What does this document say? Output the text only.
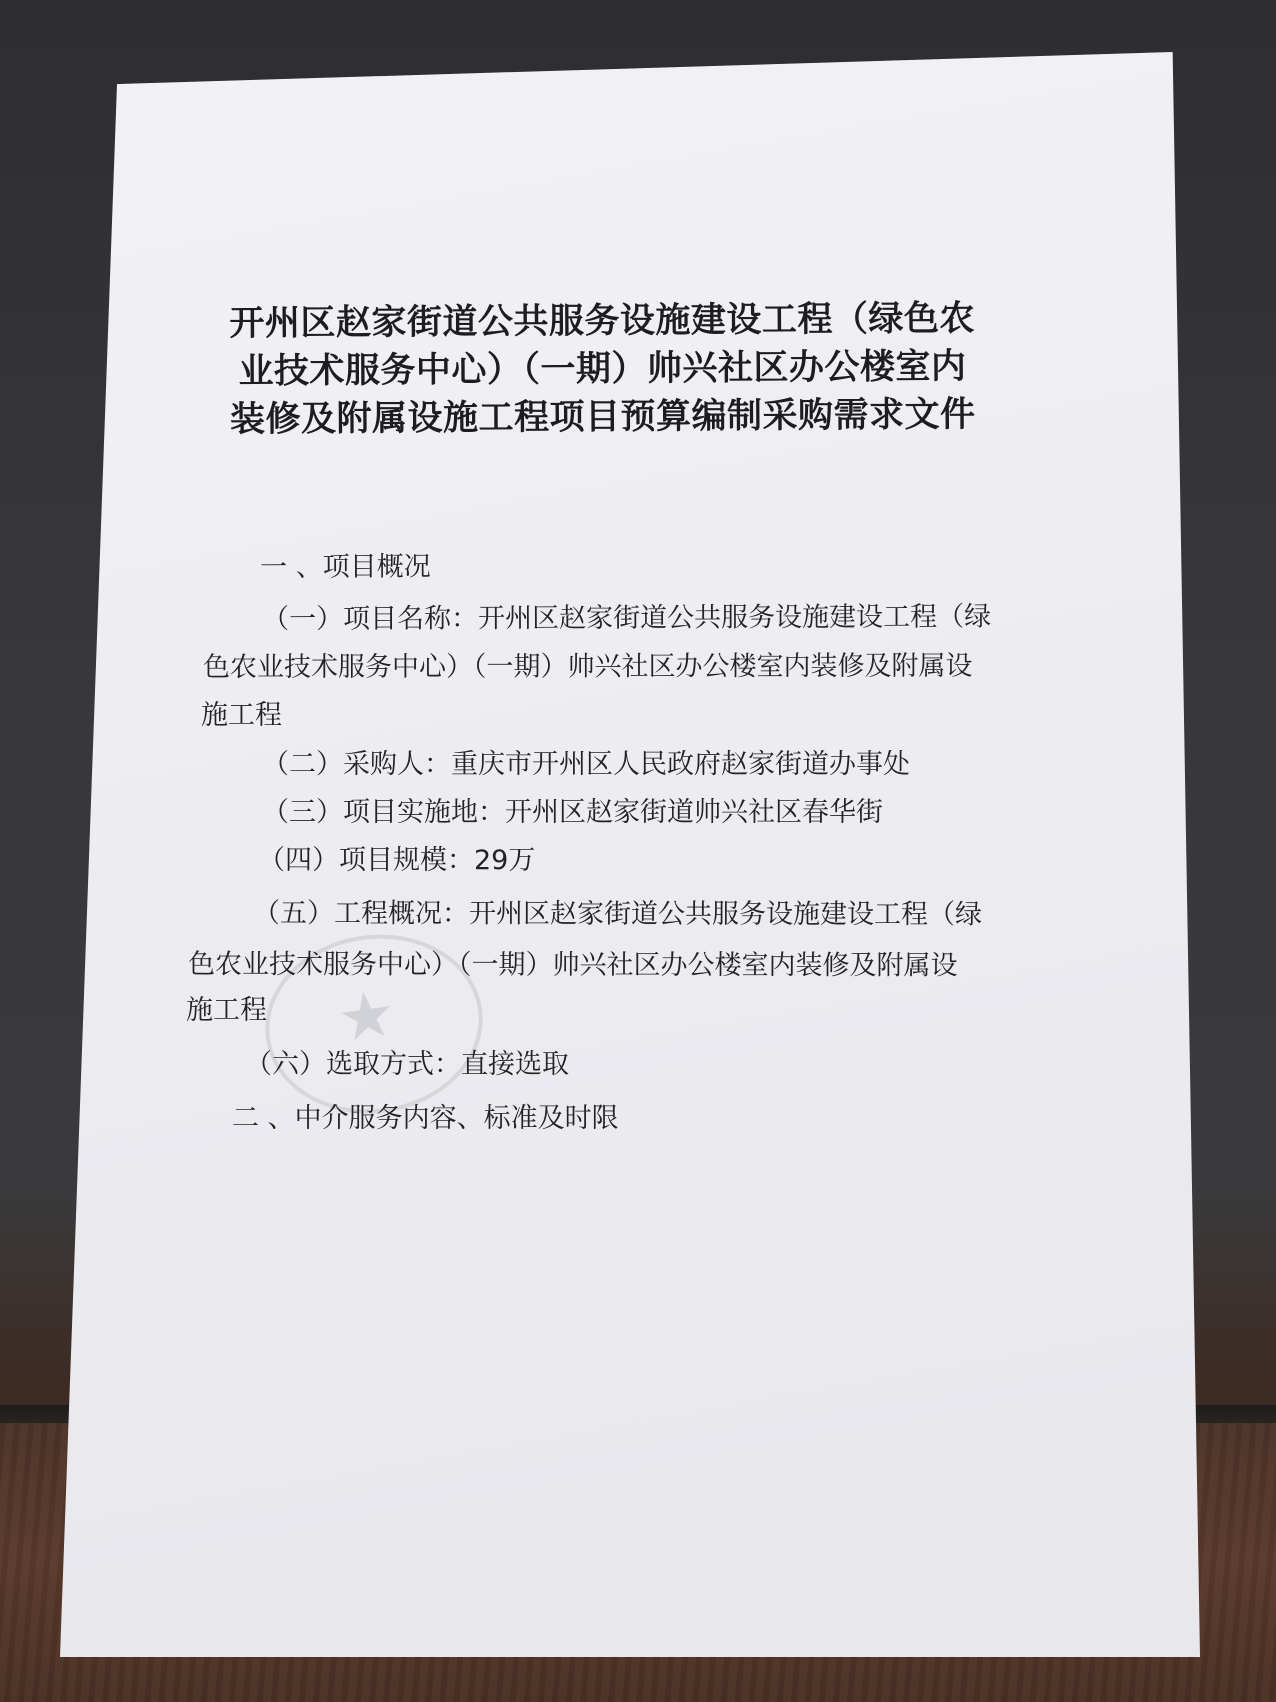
★
开州区赵家街道公共服务设施建设工程（绿色农业技术服务中心）（一期）帅兴社区办公楼室内装修及附属设施工程项目预算编制采购需求文件
一 、项目概况
（一）项目名称：开州区赵家街道公共服务设施建设工程（绿
色农业技术服务中心）（一期）帅兴社区办公楼室内装修及附属设
施工程
（二）采购人：重庆市开州区人民政府赵家街道办事处
（三）项目实施地：开州区赵家街道帅兴社区春华街
（四）项目规模：29万
（五）工程概况：开州区赵家街道公共服务设施建设工程（绿
色农业技术服务中心）（一期）帅兴社区办公楼室内装修及附属设
施工程
（六）选取方式：直接选取
二 、中介服务内容、标准及时限
